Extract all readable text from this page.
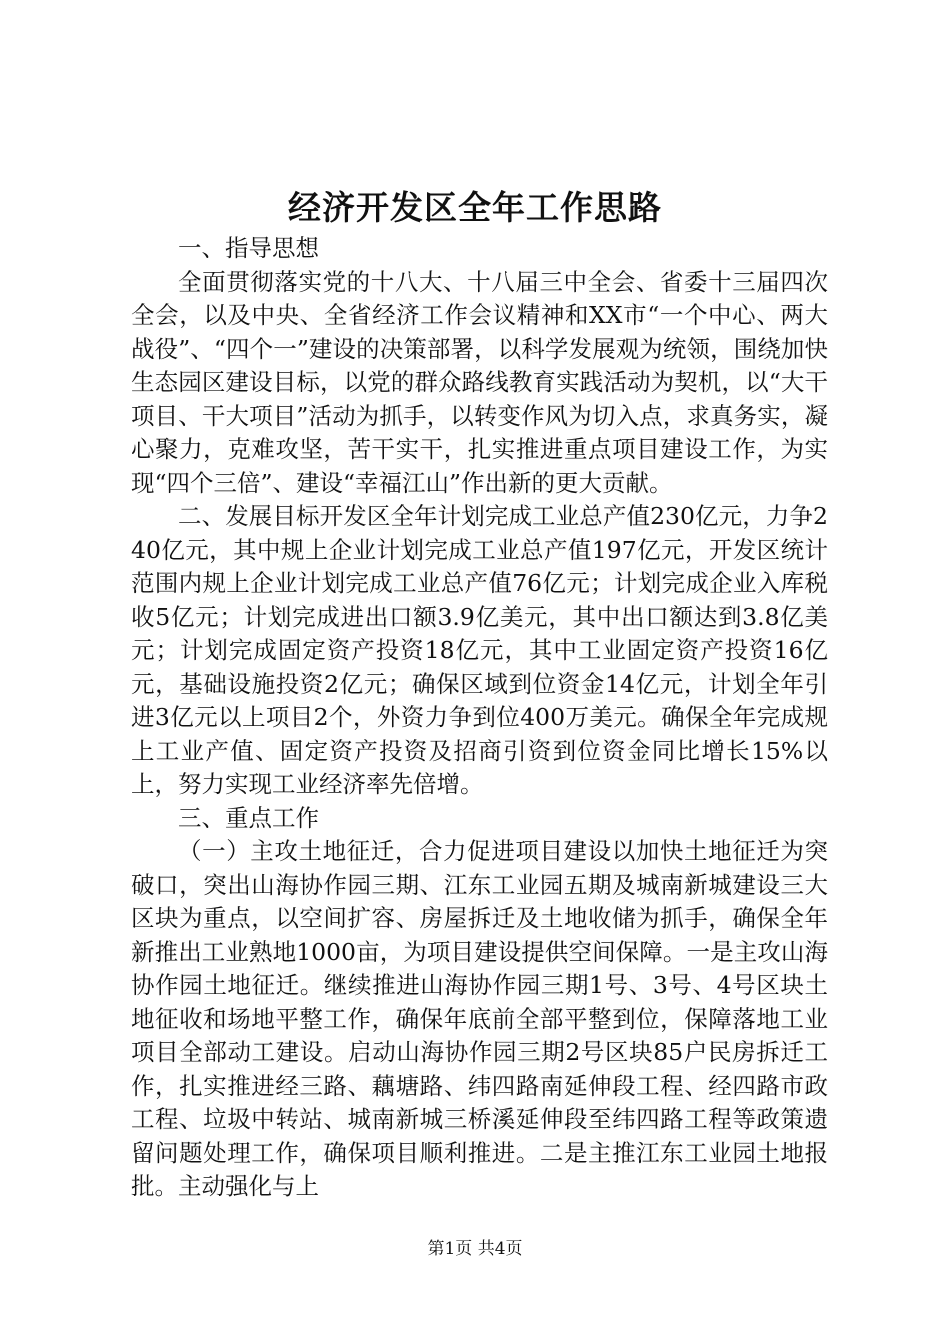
经济开发区全年工作思路

一、指导思想

全面贯彻落实党的十八大、十八届三中全会、省委十三届四次全会，以及中央、全省经济工作会议精神和XX市“一个中心、两大战役”、“四个一”建设的决策部署，以科学发展观为统领，围绕加快生态园区建设目标，以党的群众路线教育实践活动为契机，以“大干项目、干大项目”活动为抓手，以转变作风为切入点，求真务实，凝心聚力，克难攻坚，苦干实干，扎实推进重点项目建设工作，为实现“四个三倍”、建设“幸福江山”作出新的更大贡献。

二、发展目标开发区全年计划完成工业总产值230亿元，力争240亿元，其中规上企业计划完成工业总产值197亿元，开发区统计范围内规上企业计划完成工业总产值76亿元；计划完成企业入库税收5亿元；计划完成进出口额3.9亿美元，其中出口额达到3.8亿美元；计划完成固定资产投资18亿元，其中工业固定资产投资16亿元，基础设施投资2亿元；确保区域到位资金14亿元，计划全年引进3亿元以上项目2个，外资力争到位400万美元。确保全年完成规上工业产值、固定资产投资及招商引资到位资金同比增长15%以上，努力实现工业经济率先倍增。

三、重点工作

（一）主攻土地征迁，合力促进项目建设以加快土地征迁为突破口，突出山海协作园三期、江东工业园五期及城南新城建设三大区块为重点，以空间扩容、房屋拆迁及土地收储为抓手，确保全年新推出工业熟地1000亩，为项目建设提供空间保障。一是主攻山海协作园土地征迁。继续推进山海协作园三期1号、3号、4号区块土地征收和场地平整工作，确保年底前全部平整到位，保障落地工业项目全部动工建设。启动山海协作园三期2号区块85户民房拆迁工作，扎实推进经三路、藕塘路、纬四路南延伸段工程、经四路市政工程、垃圾中转站、城南新城三桥溪延伸段至纬四路工程等政策遗留问题处理工作，确保项目顺利推进。二是主推江东工业园土地报批。主动强化与上

第1页 共4页
